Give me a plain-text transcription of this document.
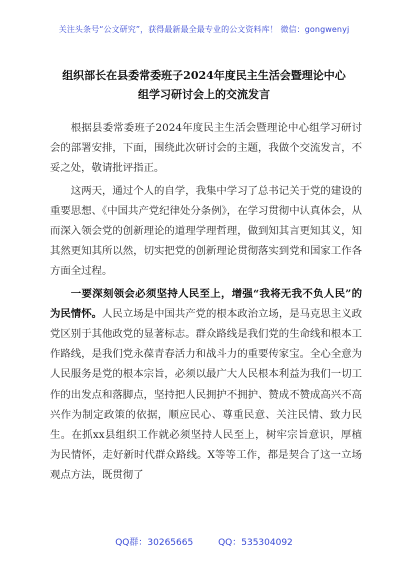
关注头条号“公文研究”，获得最新最全最专业的公文资料库！ 微信：gongwenyj
组织部长在县委常委班子2024年度民主生活会暨理论中心
组学习研讨会上的交流发言

根据县委常委班子2024年度民主生活会暨理论中心组学习研讨会的部署安排，下面，围绕此次研讨会的主题，我做个交流发言，不妥之处，敬请批评指正。

这两天，通过个人的自学，我集中学习了总书记关于党的建设的重要思想、《中国共产党纪律处分条例》，在学习贯彻中认真体会，从而深入领会党的创新理论的道理学理哲理，做到知其言更知其义，知其然更知其所以然，切实把党的创新理论贯彻落实到党和国家工作各方面全过程。

一要深刻领会必须坚持人民至上，增强“我将无我不负人民”的为民情怀。人民立场是中国共产党的根本政治立场，是马克思主义政党区别于其他政党的显著标志。群众路线是我们党的生命线和根本工作路线，是我们党永葆青春活力和战斗力的重要传家宝。全心全意为人民服务是党的根本宗旨，必须以最广大人民根本利益为我们一切工作的出发点和落脚点，坚持把人民拥护不拥护、赞成不赞成高兴不高兴作为制定政策的依据，顺应民心、尊重民意、关注民情、致力民生。在抓xx县组织工作就必须坚持人民至上，树牢宗旨意识，厚植为民情怀，走好新时代群众路线。X等等工作，都是契合了这一立场观点方法，既贯彻了

QQ群：30265665	QQ：535304092
